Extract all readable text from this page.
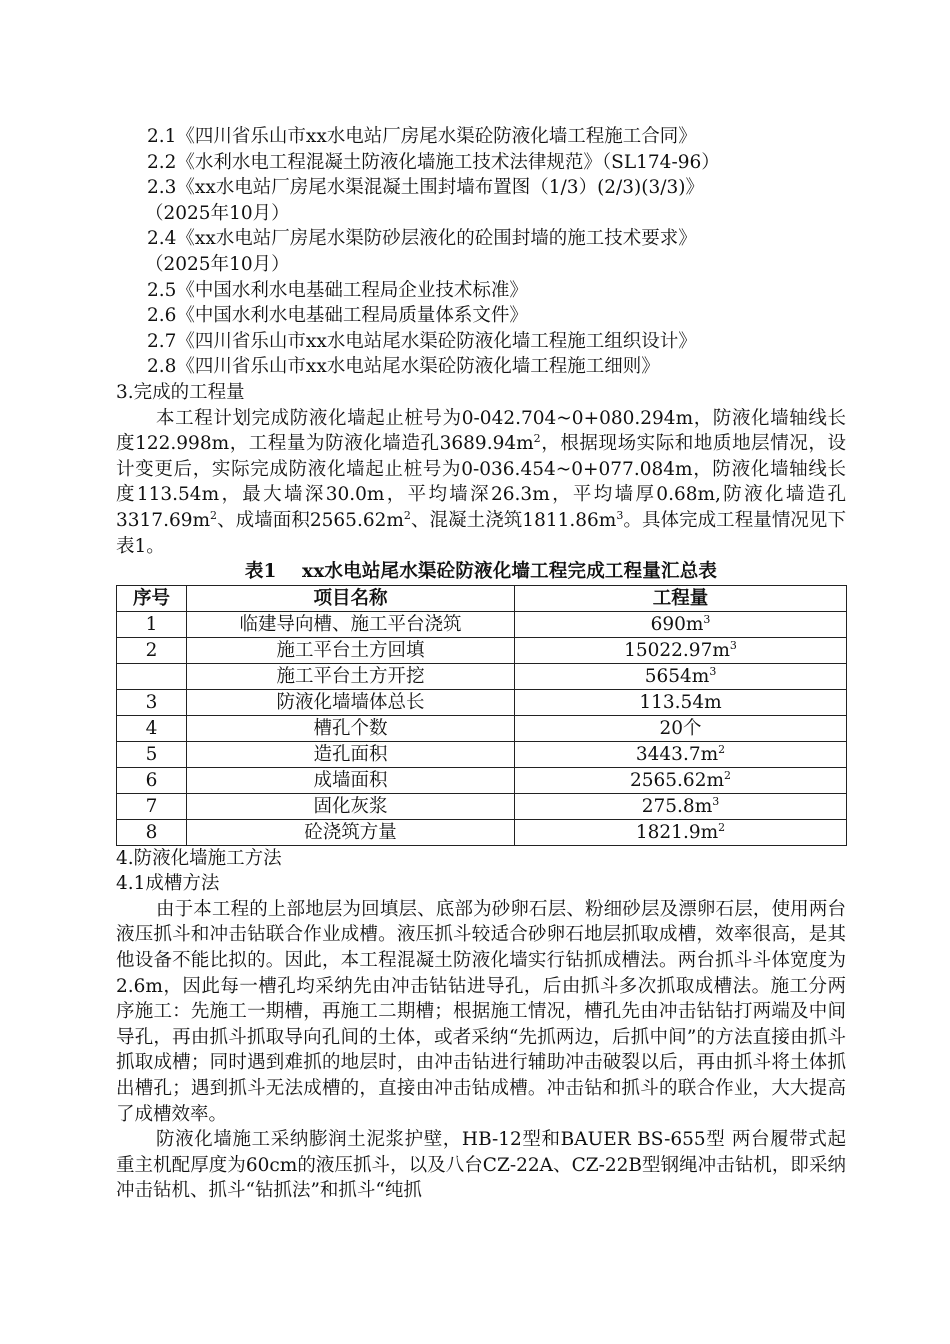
2.1《四川省乐山市xx水电站厂房尾水渠砼防液化墙工程施工合同》
2.2《水利水电工程混凝土防液化墙施工技术法律规范》（SL174-96）
2.3《xx水电站厂房尾水渠混凝土围封墙布置图（1/3）(2/3)(3/3)》
（2025年10月）
2.4《xx水电站厂房尾水渠防砂层液化的砼围封墙的施工技术要求》
（2025年10月）
2.5《中国水利水电基础工程局企业技术标准》
2.6《中国水利水电基础工程局质量体系文件》
2.7《四川省乐山市xx水电站尾水渠砼防液化墙工程施工组织设计》
2.8《四川省乐山市xx水电站尾水渠砼防液化墙工程施工细则》
3.完成的工程量
本工程计划完成防液化墙起止桩号为0-042.704~0+080.294m，防液化墙轴线长度122.998m，工程量为防液化墙造孔$3689.94m^2$，根据现场实际和地质地层情况，设计变更后，实际完成防液化墙起止桩号为0-036.454~0+077.084m，防液化墙轴线长度113.54m，最大墙深30.0m，平均墙深26.3m，平均墙厚0.68m,防液化墙造孔$3317.69m^2$、成墙面积$2565.62m^2$、混凝土浇筑$1811.86m^3$。具体完成工程量情况见下表1。
表1　 xx水电站尾水渠砼防液化墙工程完成工程量汇总表
序号	项目名称	工程量
1	临建导向槽、施工平台浇筑	$690m^3$
2	施工平台土方回填	$15022.97m^3$
	施工平台土方开挖	$5654m^3$
3	防液化墙墙体总长	113.54m
4	槽孔个数	20个
5	造孔面积	$3443.7m^2$
6	成墙面积	$2565.62m^2$
7	固化灰浆	$275.8m^3$
8	砼浇筑方量	$1821.9m^2$
4.防液化墙施工方法
4.1成槽方法
由于本工程的上部地层为回填层、底部为砂卵石层、粉细砂层及漂卵石层，使用两台液压抓斗和冲击钻联合作业成槽。液压抓斗较适合砂卵石地层抓取成槽，效率很高，是其他设备不能比拟的。因此，本工程混凝土防液化墙实行钻抓成槽法。两台抓斗斗体宽度为2.6m，因此每一槽孔均采纳先由冲击钻钻进导孔，后由抓斗多次抓取成槽法。施工分两序施工：先施工一期槽，再施工二期槽；根据施工情况，槽孔先由冲击钻钻打两端及中间导孔，再由抓斗抓取导向孔间的土体，或者采纳“先抓两边，后抓中间”的方法直接由抓斗抓取成槽；同时遇到难抓的地层时，由冲击钻进行辅助冲击破裂以后，再由抓斗将土体抓出槽孔；遇到抓斗无法成槽的，直接由冲击钻成槽。冲击钻和抓斗的联合作业，大大提高了成槽效率。
防液化墙施工采纳膨润土泥浆护壁，HB-12型和BAUER BS-655型 两台履带式起重主机配厚度为60cm的液压抓斗，以及八台CZ-22A、CZ-22B型钢绳冲击钻机，即采纳冲击钻机、抓斗“钻抓法”和抓斗“纯抓
